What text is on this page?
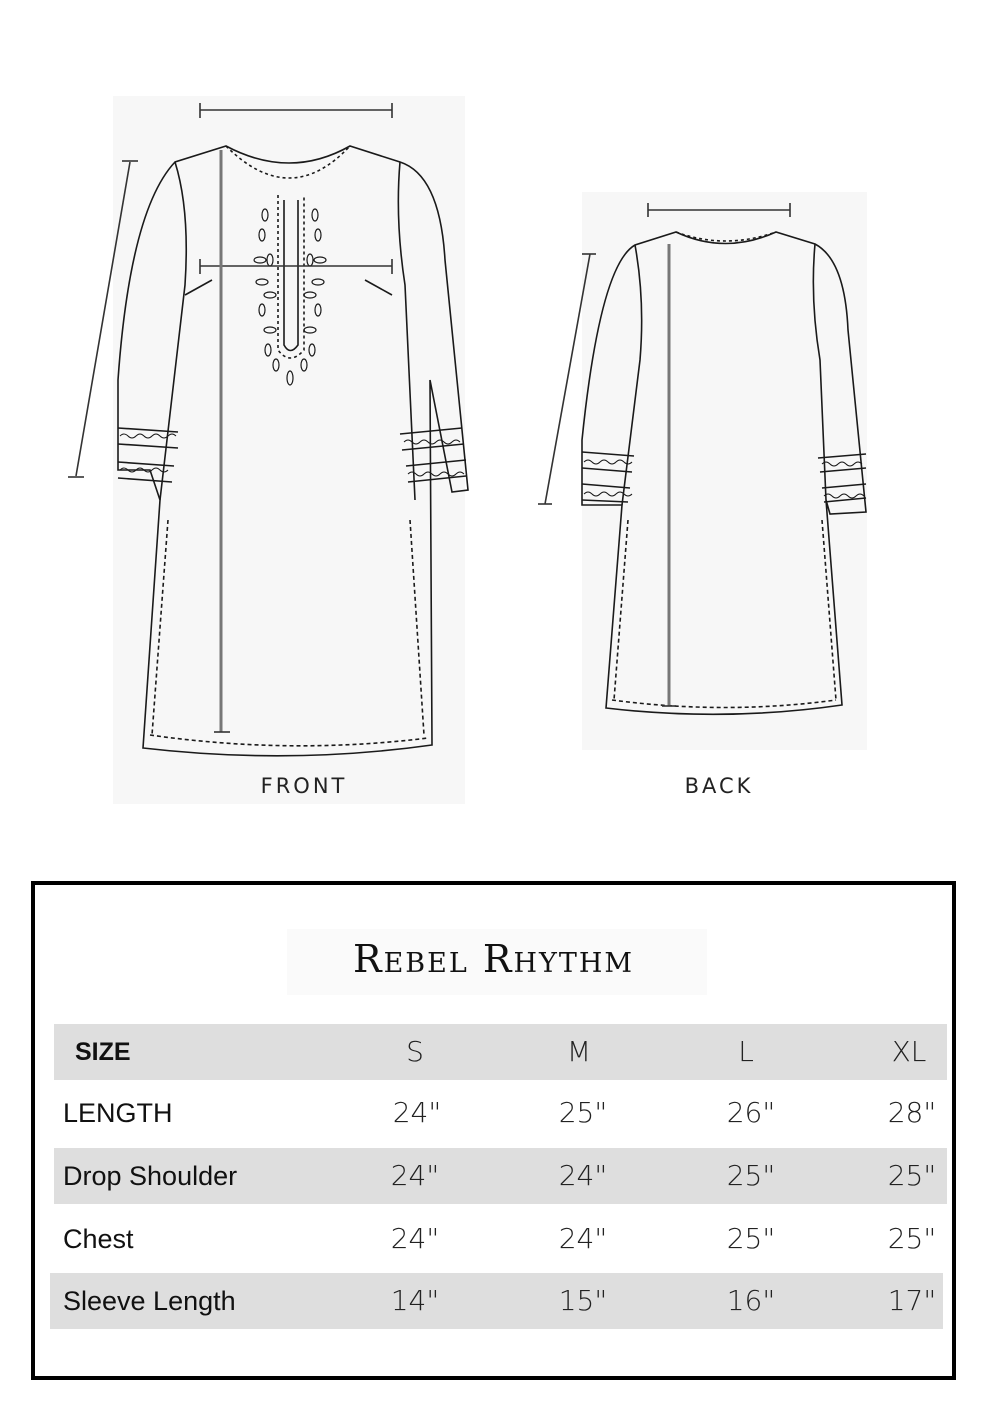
FRONT	BACK
Rebel Rhythm
SIZE	S	M	L	XL
LENGTH	24"	25"	26"	28"
Drop Shoulder	24"	24"	25"	25"
Chest	24"	24"	25"	25"
Sleeve Length	14"	15"	16"	17"
